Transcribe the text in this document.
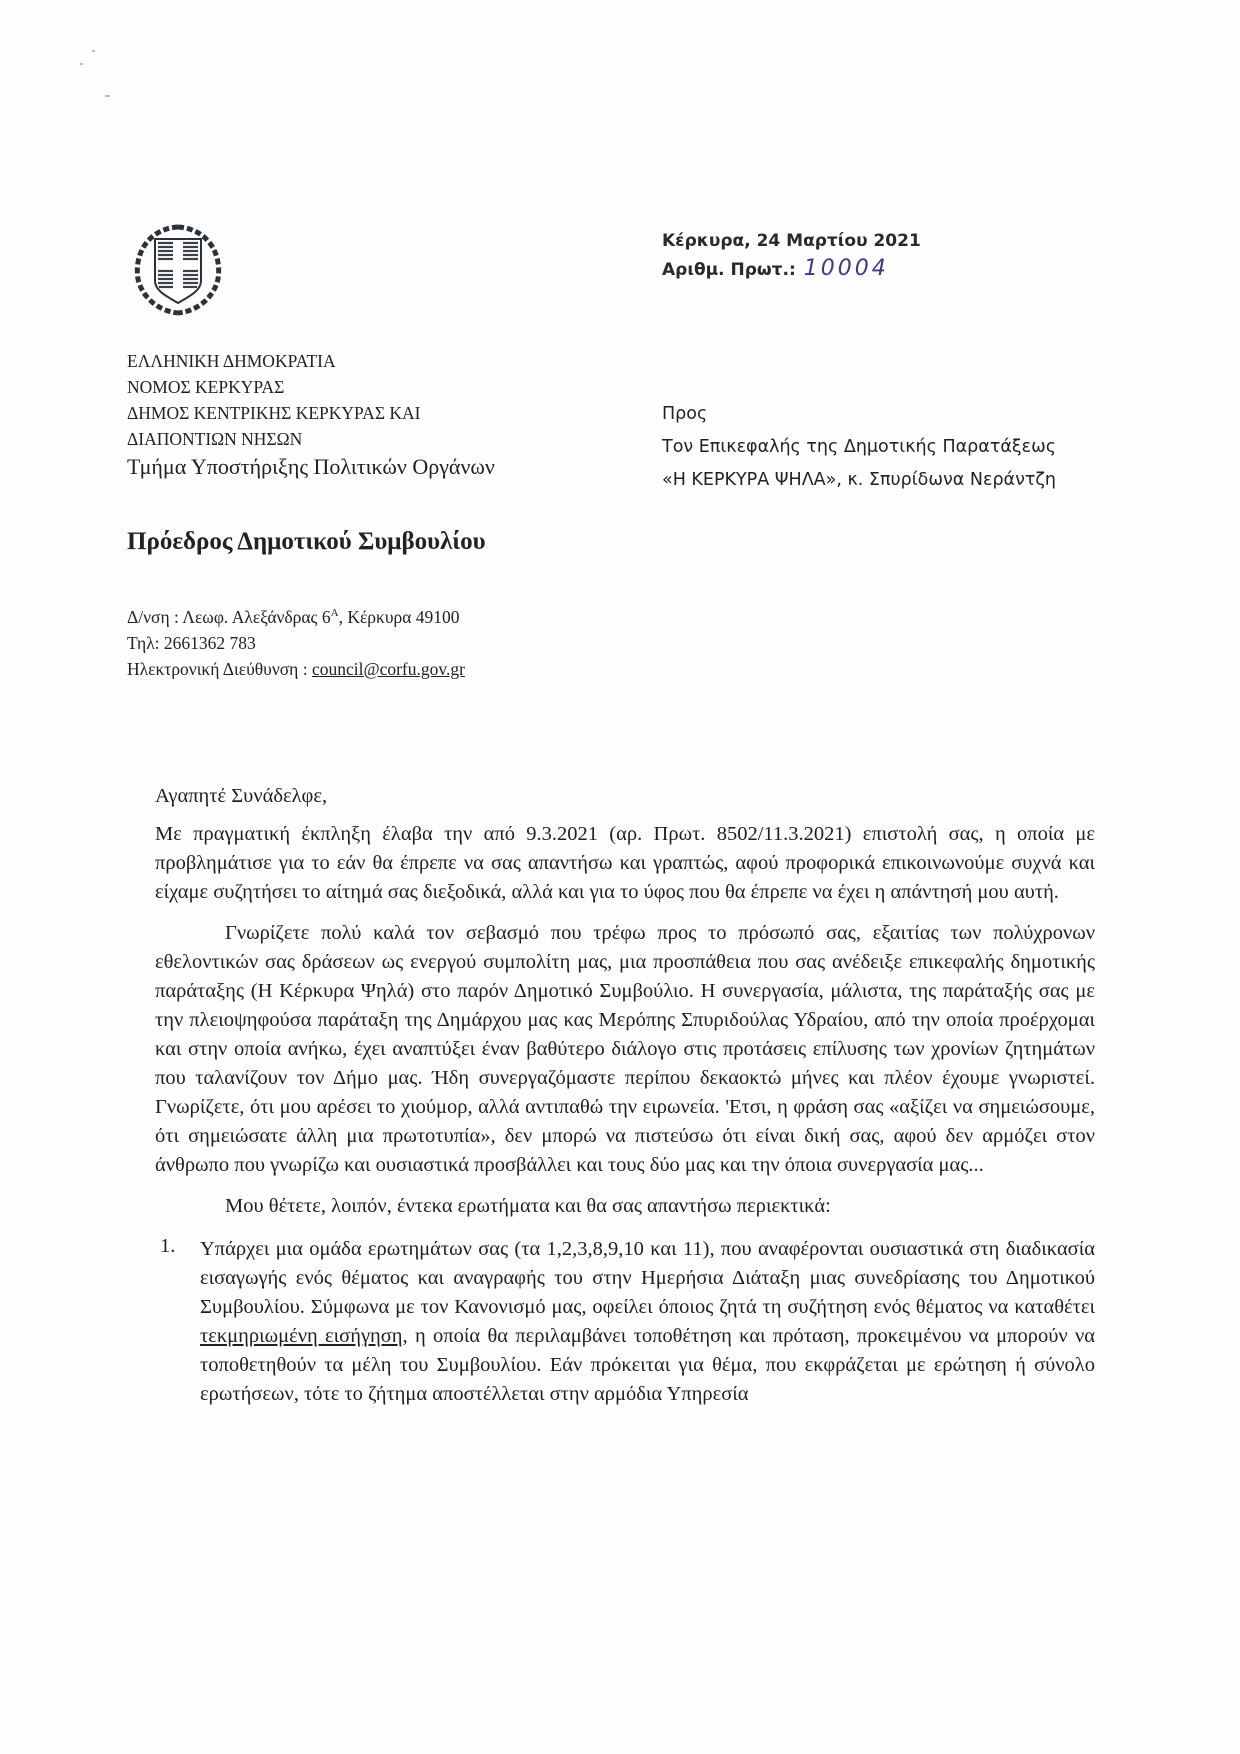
Κέρκυρα, 24 Μαρτίου 2021
Αριθμ. Πρωτ.: 10004
ΕΛΛΗΝΙΚΗ ΔΗΜΟΚΡΑΤΙΑ
ΝΟΜΟΣ ΚΕΡΚΥΡΑΣ
ΔΗΜΟΣ ΚΕΝΤΡΙΚΗΣ ΚΕΡΚΥΡΑΣ ΚΑΙ
ΔΙΑΠΟΝΤΙΩΝ ΝΗΣΩΝ
Τμήμα Υποστήριξης Πολιτικών Οργάνων
Προς
Τον Επικεφαλής της Δημοτικής Παρατάξεως
«Η ΚΕΡΚΥΡΑ ΨΗΛΑ», κ. Σπυρίδωνα Νεράντζη
Πρόεδρος Δημοτικού Συμβουλίου
Δ/νση : Λεωφ. Αλεξάνδρας $6^A$, Κέρκυρα 49100
Τηλ: 2661362 783
Ηλεκτρονική Διεύθυνση : council@corfu.gov.gr

Αγαπητέ Συνάδελφε,

Με πραγματική έκπληξη έλαβα την από 9.3.2021 (αρ. Πρωτ. 8502/11.3.2021) επιστολή σας, η οποία με προβλημάτισε για το εάν θα έπρεπε να σας απαντήσω και γραπτώς, αφού προφορικά επικοινωνούμε συχνά και είχαμε συζητήσει το αίτημά σας διεξοδικά, αλλά και για το ύφος που θα έπρεπε να έχει η απάντησή μου αυτή.

Γνωρίζετε πολύ καλά τον σεβασμό που τρέφω προς το πρόσωπό σας, εξαιτίας των πολύχρονων εθελοντικών σας δράσεων ως ενεργού συμπολίτη μας, μια προσπάθεια που σας ανέδειξε επικεφαλής δημοτικής παράταξης (Η Κέρκυρα Ψηλά) στο παρόν Δημοτικό Συμβούλιο. Η συνεργασία, μάλιστα, της παράταξής σας με την πλειοψηφούσα παράταξη της Δημάρχου μας κας Μερόπης Σπυριδούλας Υδραίου, από την οποία προέρχομαι και στην οποία ανήκω, έχει αναπτύξει έναν βαθύτερο διάλογο στις προτάσεις επίλυσης των χρονίων ζητημάτων που ταλανίζουν τον Δήμο μας. Ήδη συνεργαζόμαστε περίπου δεκαοκτώ μήνες και πλέον έχουμε γνωριστεί. Γνωρίζετε, ότι μου αρέσει το χιούμορ, αλλά αντιπαθώ την ειρωνεία. 'Ετσι, η φράση σας «αξίζει να σημειώσουμε, ότι σημειώσατε άλλη μια πρωτοτυπία», δεν μπορώ να πιστεύσω ότι είναι δική σας, αφού δεν αρμόζει στον άνθρωπο που γνωρίζω και ουσιαστικά προσβάλλει και τους δύο μας και την όποια συνεργασία μας...

Μου θέτετε, λοιπόν, έντεκα ερωτήματα και θα σας απαντήσω περιεκτικά:

1.	Υπάρχει μια ομάδα ερωτημάτων σας (τα 1,2,3,8,9,10 και 11), που αναφέρονται ουσιαστικά στη διαδικασία εισαγωγής ενός θέματος και αναγραφής του στην Ημερήσια Διάταξη μιας συνεδρίασης του Δημοτικού Συμβουλίου. Σύμφωνα με τον Κανονισμό μας, οφείλει όποιος ζητά τη συζήτηση ενός θέματος να καταθέτει τεκμηριωμένη εισήγηση, η οποία θα περιλαμβάνει τοποθέτηση και πρόταση, προκειμένου να μπορούν να τοποθετηθούν τα μέλη του Συμβουλίου. Εάν πρόκειται για θέμα, που εκφράζεται με ερώτηση ή σύνολο ερωτήσεων, τότε το ζήτημα αποστέλλεται στην αρμόδια Υπηρεσία
